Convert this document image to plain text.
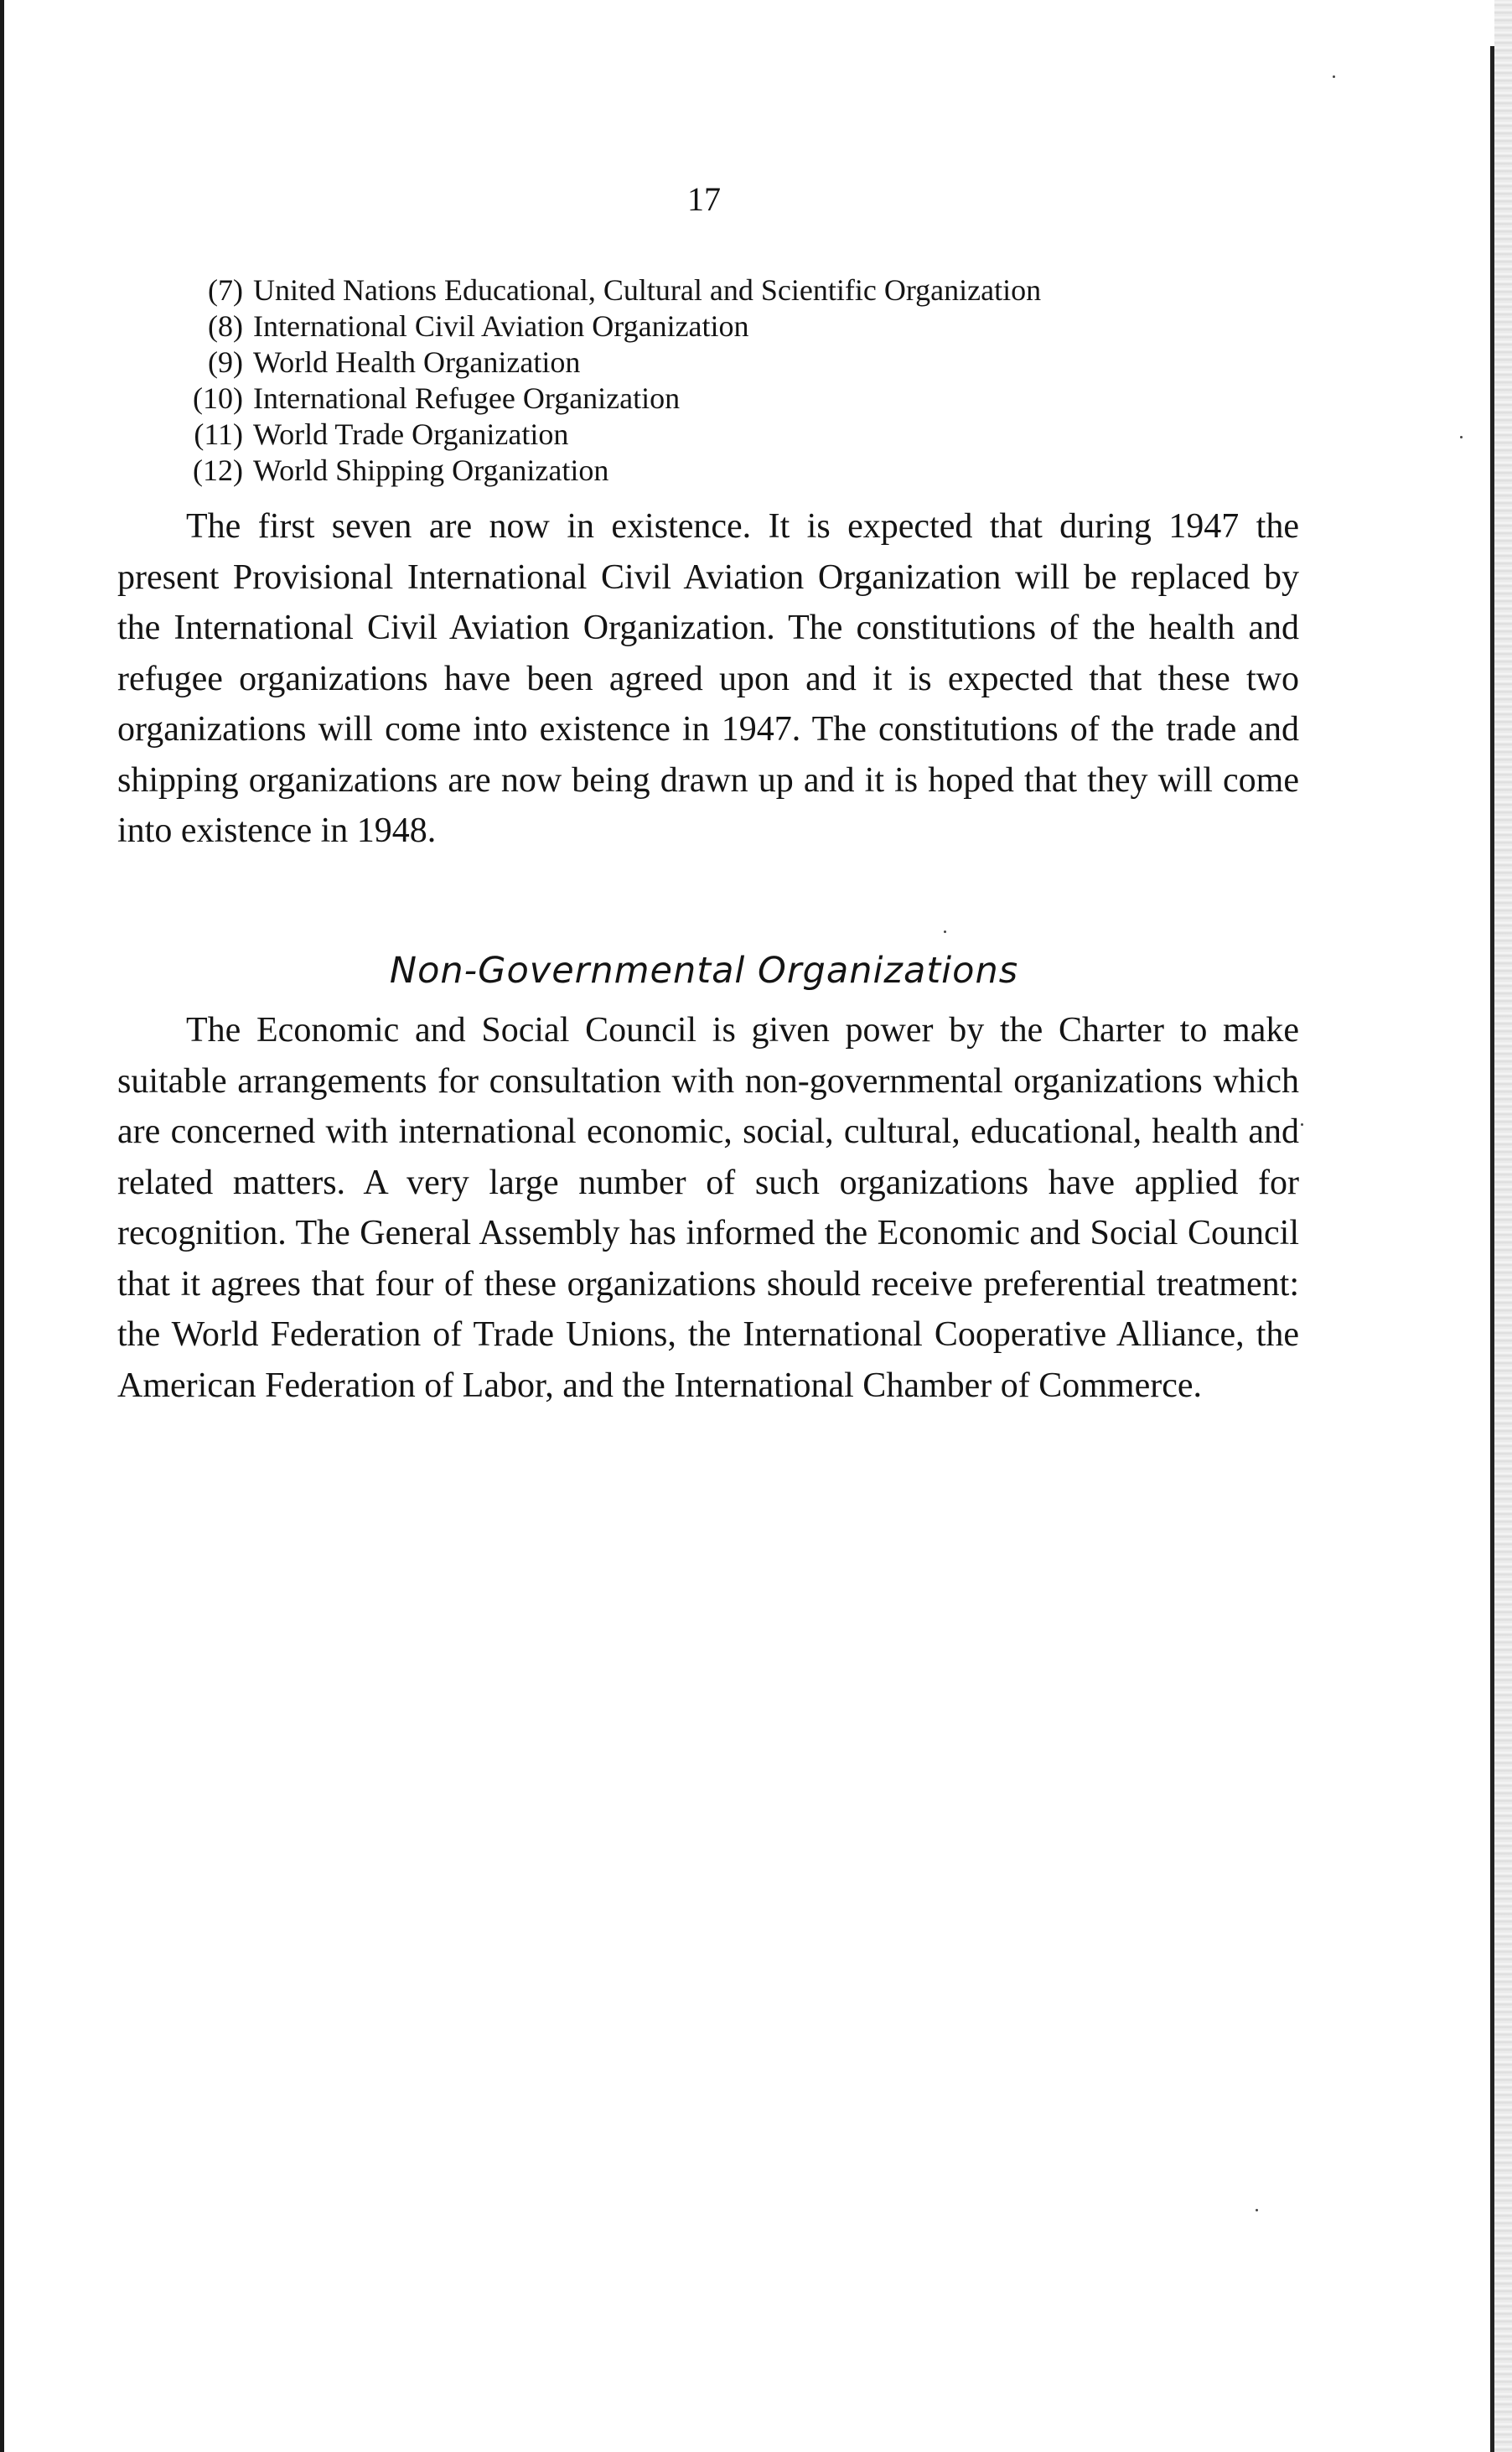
17
(7) United Nations Educational, Cultural and Scientific Organization
(8) International Civil Aviation Organization
(9) World Health Organization
(10) International Refugee Organization
(11) World Trade Organization
(12) World Shipping Organization

The first seven are now in existence. It is expected that during 1947 the present Provisional International Civil Aviation Organization will be replaced by the International Civil Aviation Organization. The constitutions of the health and refugee organizations have been agreed upon and it is expected that these two organizations will come into existence in 1947. The constitutions of the trade and shipping organizations are now being drawn up and it is hoped that they will come into existence in 1948.

Non-Governmental Organizations

The Economic and Social Council is given power by the Charter to make suitable arrangements for consultation with non-governmental organizations which are concerned with international economic, social, cultural, educational, health and related matters. A very large number of such organizations have applied for recognition. The General Assembly has informed the Economic and Social Council that it agrees that four of these organizations should receive preferential treatment: the World Federation of Trade Unions, the International Cooperative Alliance, the American Federation of Labor, and the International Chamber of Commerce.
